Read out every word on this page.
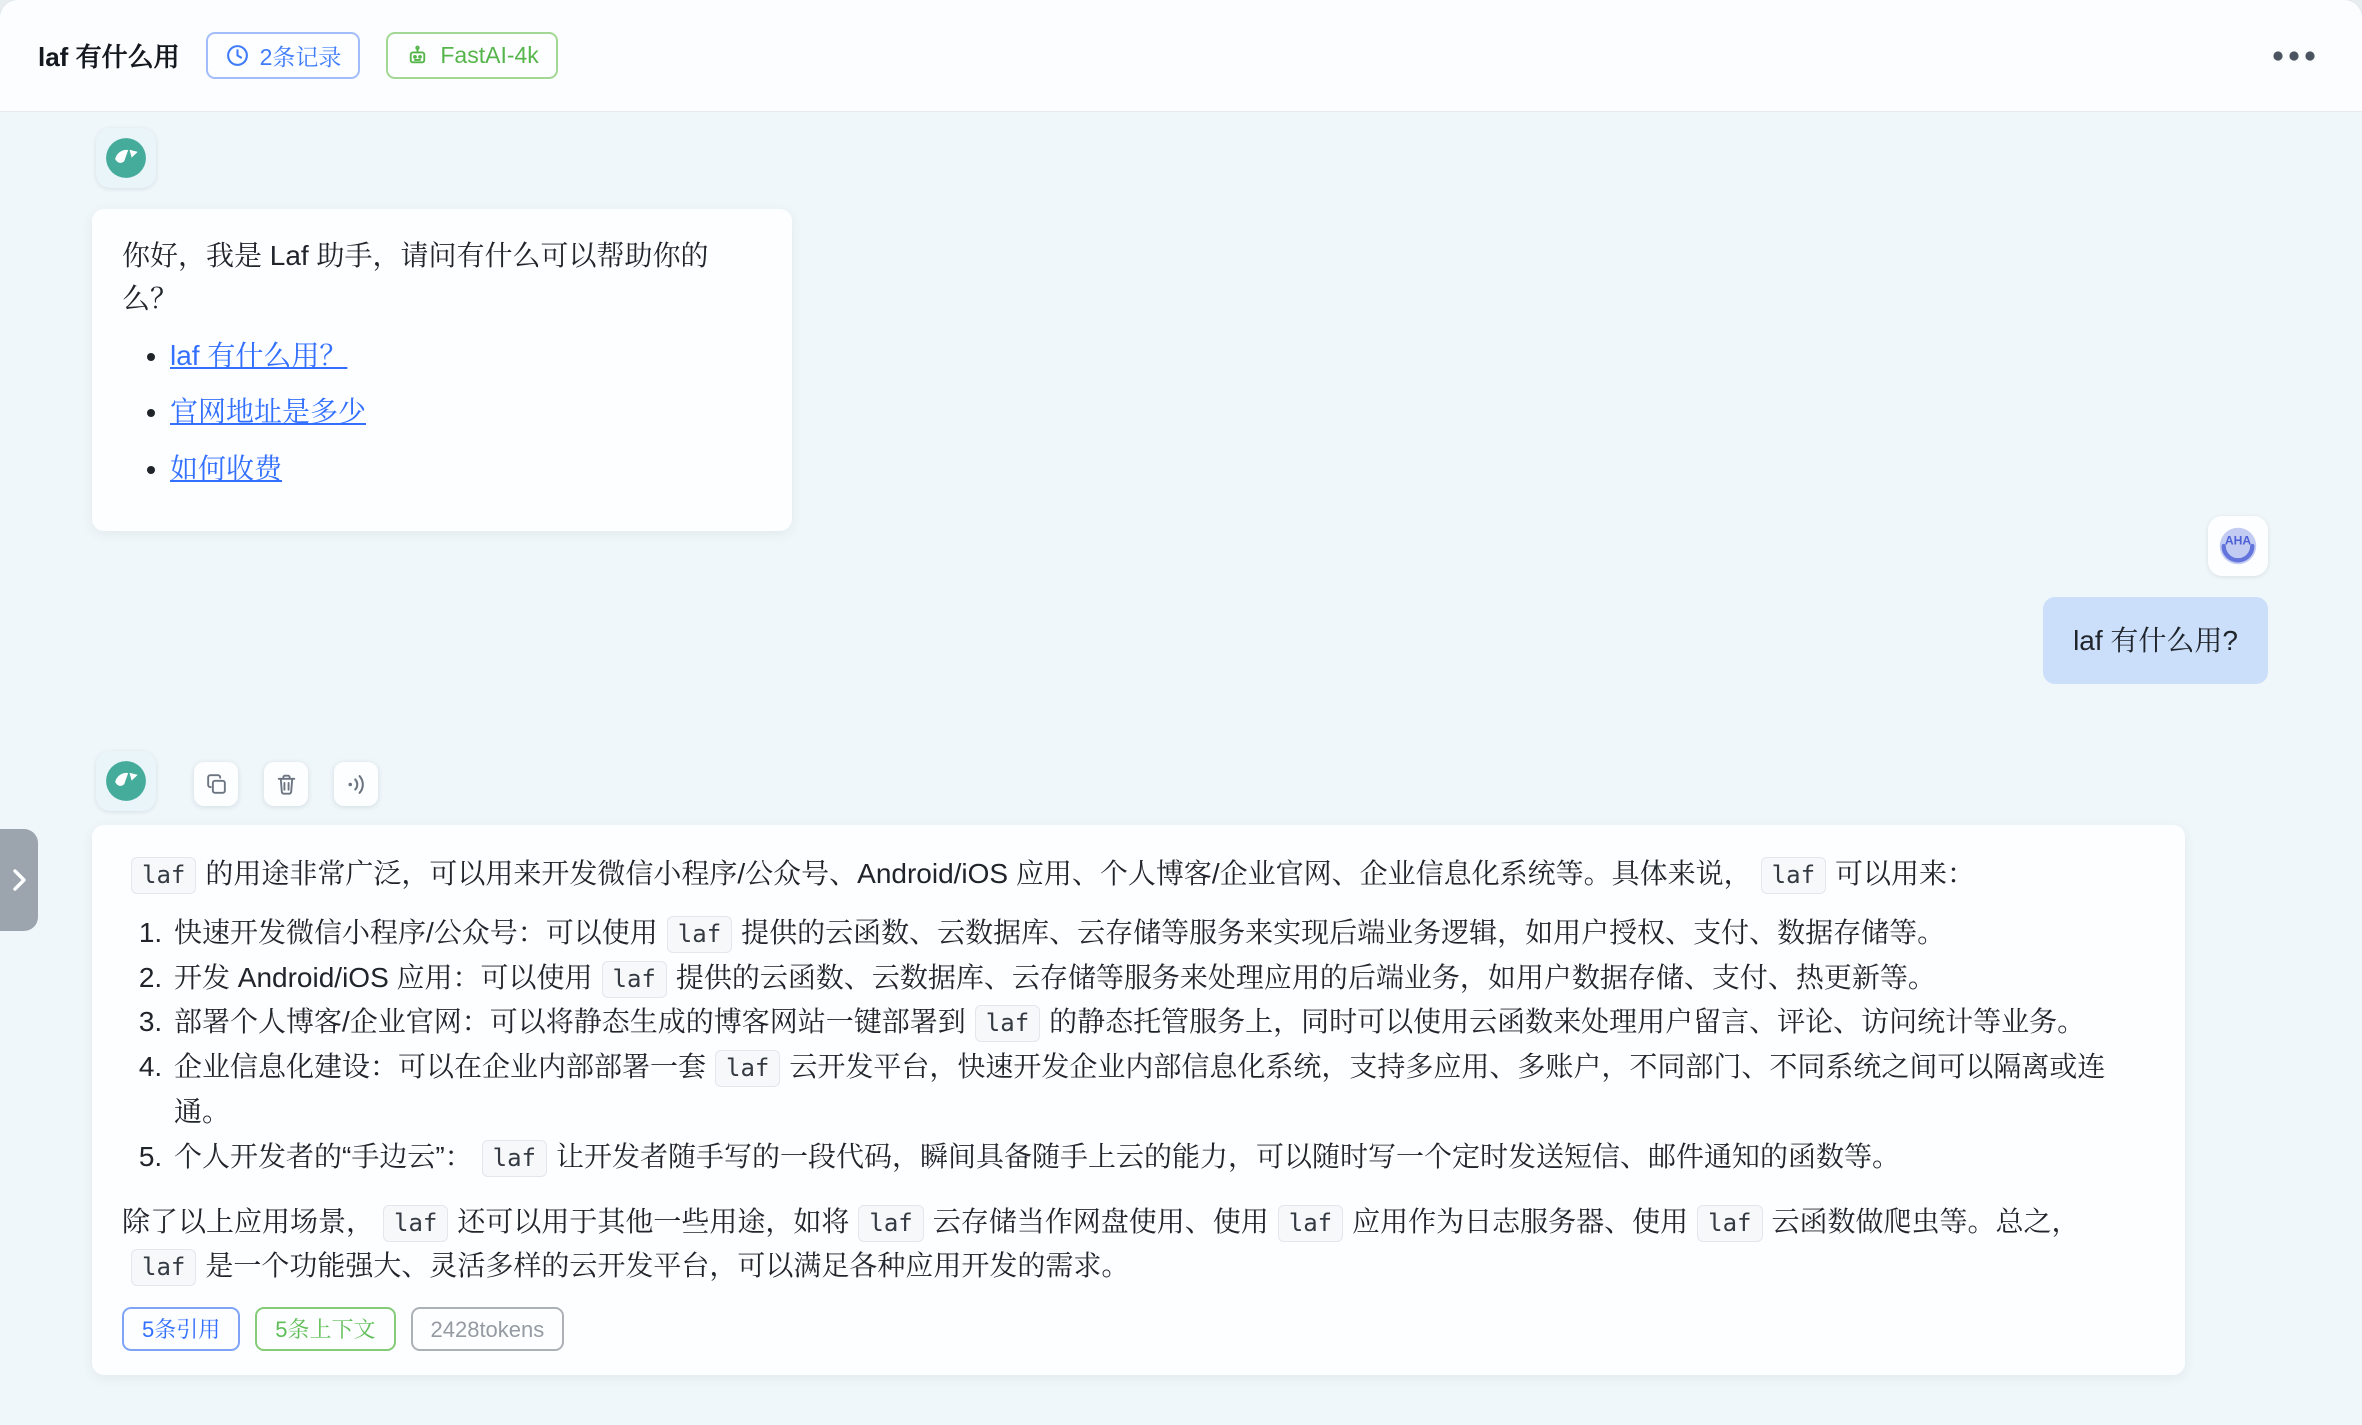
laf 有什么用	2条记录	FastAI-4k
你好，我是 Laf 助手，请问有什么可以帮助你的么？
• laf 有什么用？
• 官网地址是多少
• 如何收费
AHA
laf 有什么用?

laf 的用途非常广泛，可以用来开发微信小程序/公众号、Android/iOS 应用、个人博客/企业官网、企业信息化系统等。具体来说， laf 可以用来：

1. 快速开发微信小程序/公众号：可以使用 laf 提供的云函数、云数据库、云存储等服务来实现后端业务逻辑，如用户授权、支付、数据存储等。
2. 开发 Android/iOS 应用：可以使用 laf 提供的云函数、云数据库、云存储等服务来处理应用的后端业务，如用户数据存储、支付、热更新等。
3. 部署个人博客/企业官网：可以将静态生成的博客网站一键部署到 laf 的静态托管服务上，同时可以使用云函数来处理用户留言、评论、访问统计等业务。
4. 企业信息化建设：可以在企业内部部署一套 laf 云开发平台，快速开发企业内部信息化系统，支持多应用、多账户，不同部门、不同系统之间可以隔离或连通。
5. 个人开发者的“手边云”： laf 让开发者随手写的一段代码，瞬间具备随手上云的能力，可以随时写一个定时发送短信、邮件通知的函数等。

除了以上应用场景， laf 还可以用于其他一些用途，如将 laf 云存储当作网盘使用、使用 laf 应用作为日志服务器、使用 laf 云函数做爬虫等。总之，laf 是一个功能强大、灵活多样的云开发平台，可以满足各种应用开发的需求。

5条引用	5条上下文	2428tokens
